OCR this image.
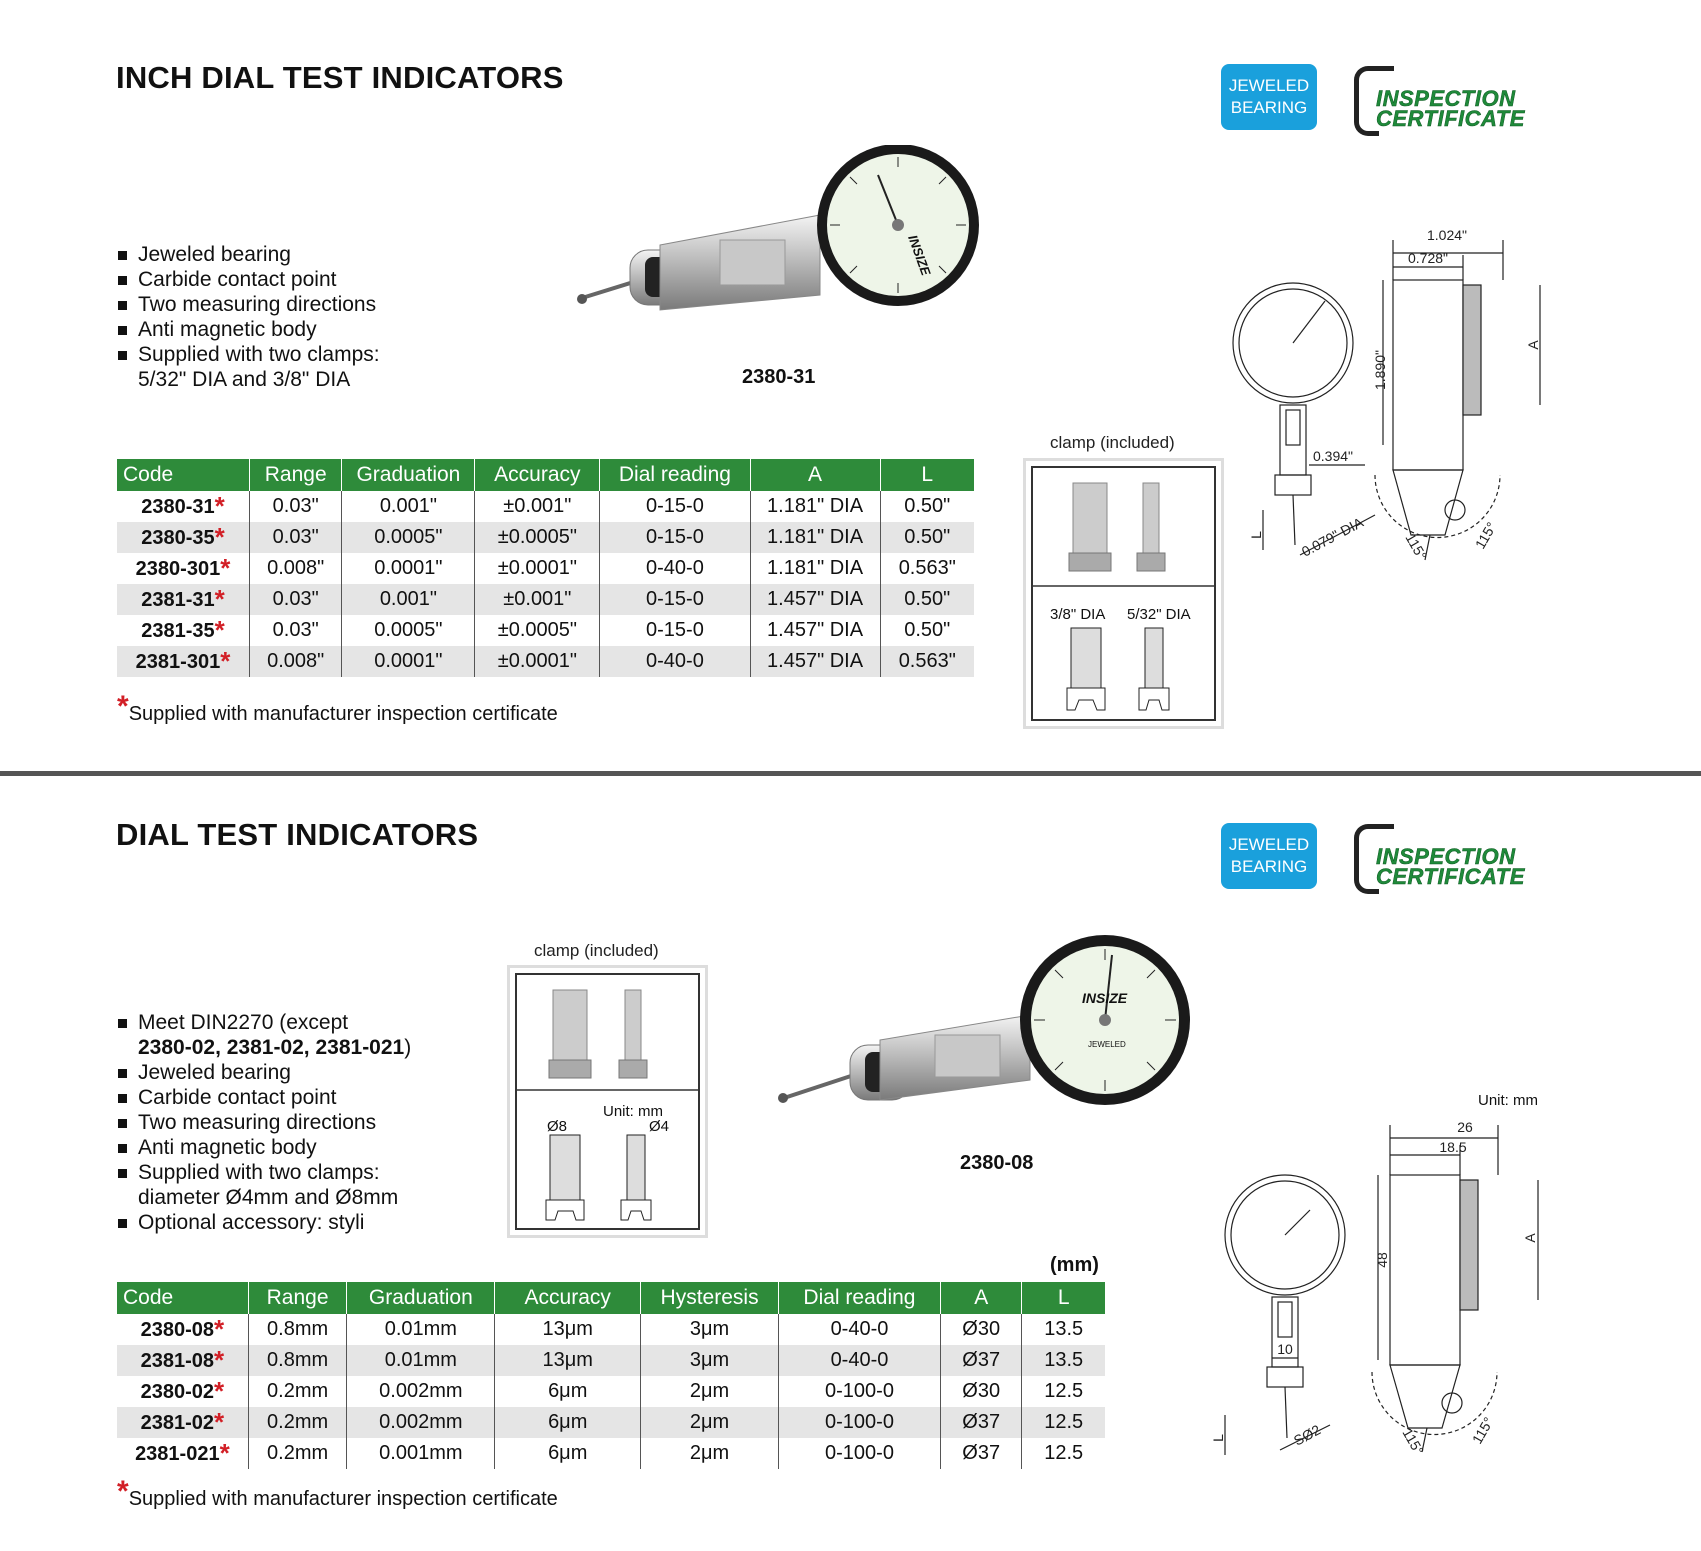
INCH DIAL TEST INDICATORS	JEWELED
BEARING	INSPECTION
CERTIFICATE
Jeweled bearing
Carbide contact point
Two measuring directions
Anti magnetic body
Supplied with two clamps:
5/32" DIA and 3/8" DIA
INSIZE
2380-31
clamp (included)
3/8" DIA 5/32" DIA
1.024"
0.728"
1.890"
A
0.394"
L 0.079" DIA	115°	115°
Code	Range	Graduation	Accuracy	Dial reading	A	L
2380-31*	0.03"	0.001"	±0.001"	0-15-0	1.181" DIA	0.50"
2380-35*	0.03"	0.0005"	±0.0005"	0-15-0	1.181" DIA	0.50"
2380-301*	0.008"	0.0001"	±0.0001"	0-40-0	1.181" DIA	0.563"
2381-31*	0.03"	0.001"	±0.001"	0-15-0	1.457" DIA	0.50"
2381-35*	0.03"	0.0005"	±0.0005"	0-15-0	1.457" DIA	0.50"
2381-301*	0.008"	0.0001"	±0.0001"	0-40-0	1.457" DIA	0.563"
*Supplied with manufacturer inspection certificate
DIAL TEST INDICATORS	JEWELED
BEARING	INSPECTION
CERTIFICATE
Meet DIN2270 (except
2380-02, 2381-02, 2381-021)
Jeweled bearing
Carbide contact point
Two measuring directions
Anti magnetic body
Supplied with two clamps:
diameter Ø4mm and Ø8mm
Optional accessory: styli
clamp (included)
Unit: mm
Ø8	Ø4
INSIZE
JEWELED
2380-08
Unit: mm
26
18.5
48
A
10
L	SØ2	115°	115°
(mm)
Code	Range	Graduation	Accuracy	Hysteresis	Dial reading	A	L
2380-08*	0.8mm	0.01mm	13μm	3μm	0-40-0	Ø30	13.5
2381-08*	0.8mm	0.01mm	13μm	3μm	0-40-0	Ø37	13.5
2380-02*	0.2mm	0.002mm	6μm	2μm	0-100-0	Ø30	12.5
2381-02*	0.2mm	0.002mm	6μm	2μm	0-100-0	Ø37	12.5
2381-021*	0.2mm	0.001mm	6μm	2μm	0-100-0	Ø37	12.5
*Supplied with manufacturer inspection certificate
